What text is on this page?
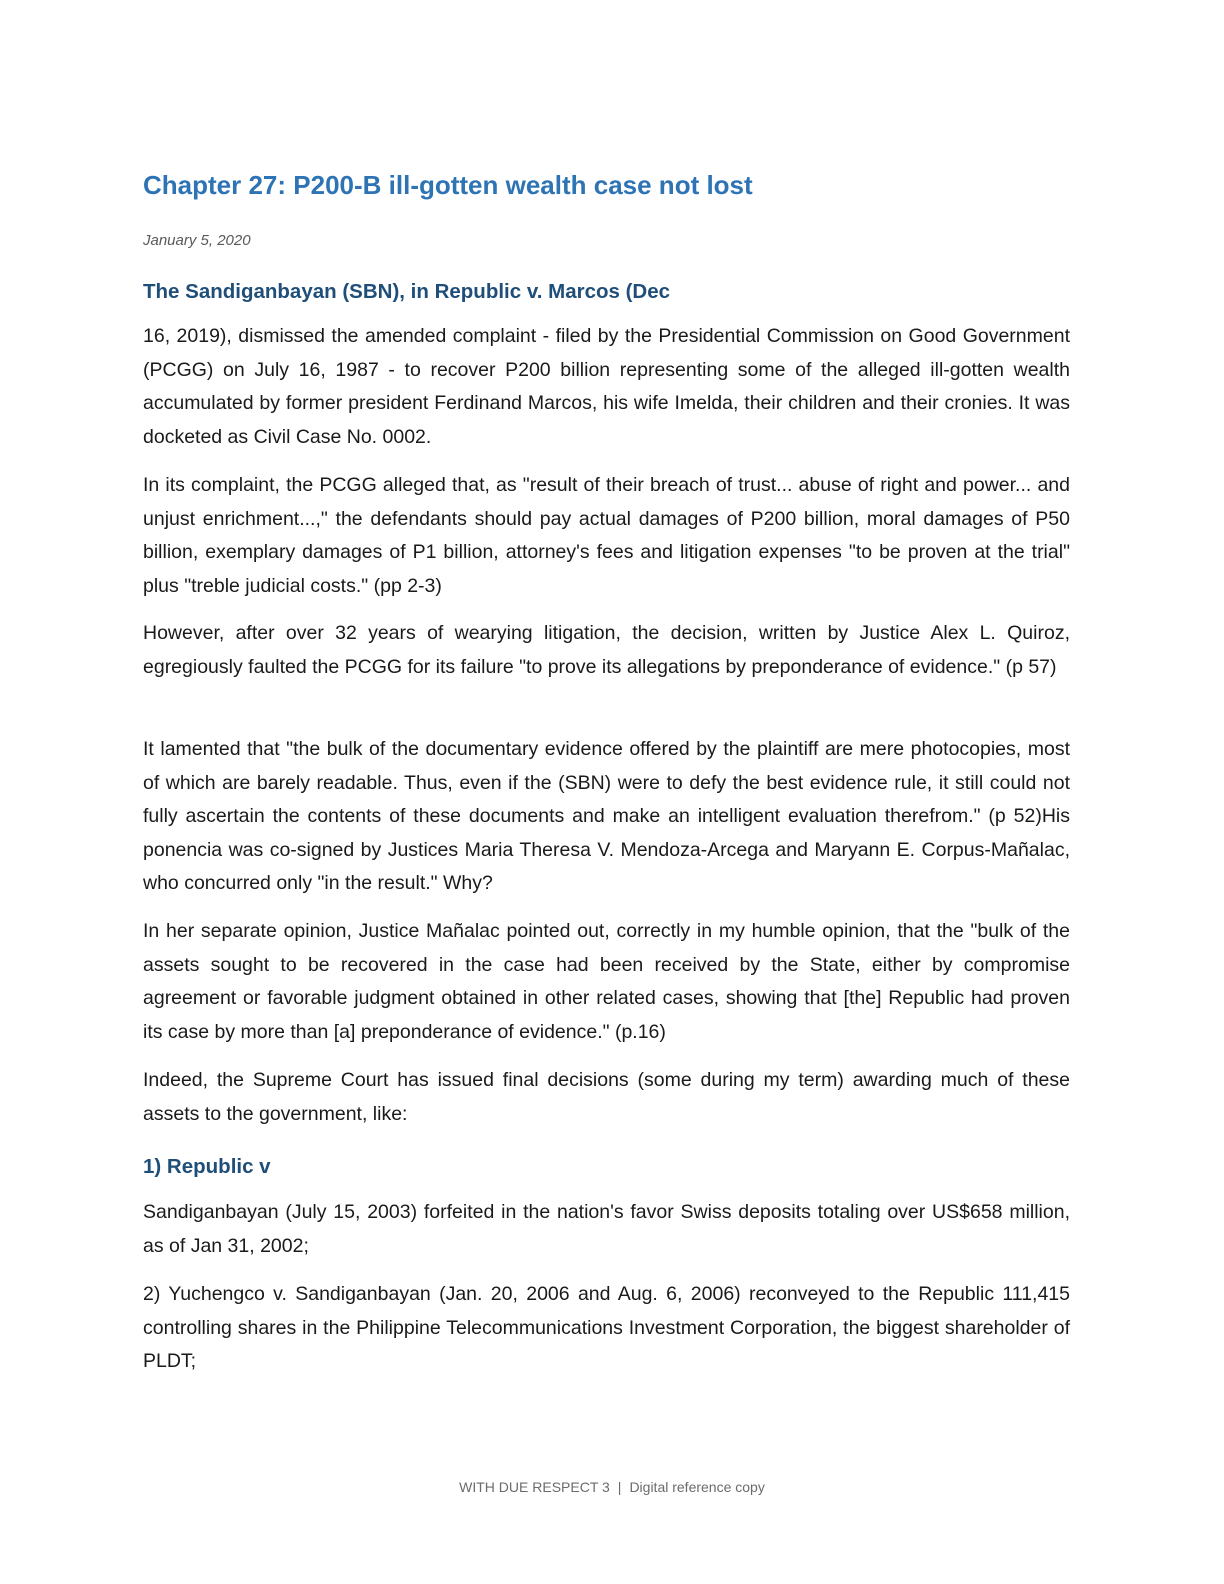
Chapter 27: P200-B ill-gotten wealth case not lost
January 5, 2020
The Sandiganbayan (SBN), in Republic v. Marcos (Dec

16, 2019), dismissed the amended complaint - filed by the Presidential Commission on Good Government (PCGG) on July 16, 1987 - to recover P200 billion representing some of the alleged ill-gotten wealth accumulated by former president Ferdinand Marcos, his wife Imelda, their children and their cronies. It was docketed as Civil Case No. 0002.

In its complaint, the PCGG alleged that, as "result of their breach of trust... abuse of right and power... and unjust enrichment...," the defendants should pay actual damages of P200 billion, moral damages of P50 billion, exemplary damages of P1 billion, attorney's fees and litigation expenses "to be proven at the trial" plus "treble judicial costs." (pp 2-3)

However, after over 32 years of wearying litigation, the decision, written by Justice Alex L. Quiroz, egregiously faulted the PCGG for its failure "to prove its allegations by preponderance of evidence." (p 57)

It lamented that "the bulk of the documentary evidence offered by the plaintiff are mere photocopies, most of which are barely readable. Thus, even if the (SBN) were to defy the best evidence rule, it still could not fully ascertain the contents of these documents and make an intelligent evaluation therefrom." (p 52)His ponencia was co-signed by Justices Maria Theresa V. Mendoza-Arcega and Maryann E. Corpus-Mañalac, who concurred only "in the result." Why?

In her separate opinion, Justice Mañalac pointed out, correctly in my humble opinion, that the "bulk of the assets sought to be recovered in the case had been received by the State, either by compromise agreement or favorable judgment obtained in other related cases, showing that [the] Republic had proven its case by more than [a] preponderance of evidence." (p.16)

Indeed, the Supreme Court has issued final decisions (some during my term) awarding much of these assets to the government, like:

1) Republic v

Sandiganbayan (July 15, 2003) forfeited in the nation's favor Swiss deposits totaling over US$658 million, as of Jan 31, 2002;

2) Yuchengco v. Sandiganbayan (Jan. 20, 2006 and Aug. 6, 2006) reconveyed to the Republic 111,415 controlling shares in the Philippine Telecommunications Investment Corporation, the biggest shareholder of PLDT;

WITH DUE RESPECT 3 | Digital reference copy
